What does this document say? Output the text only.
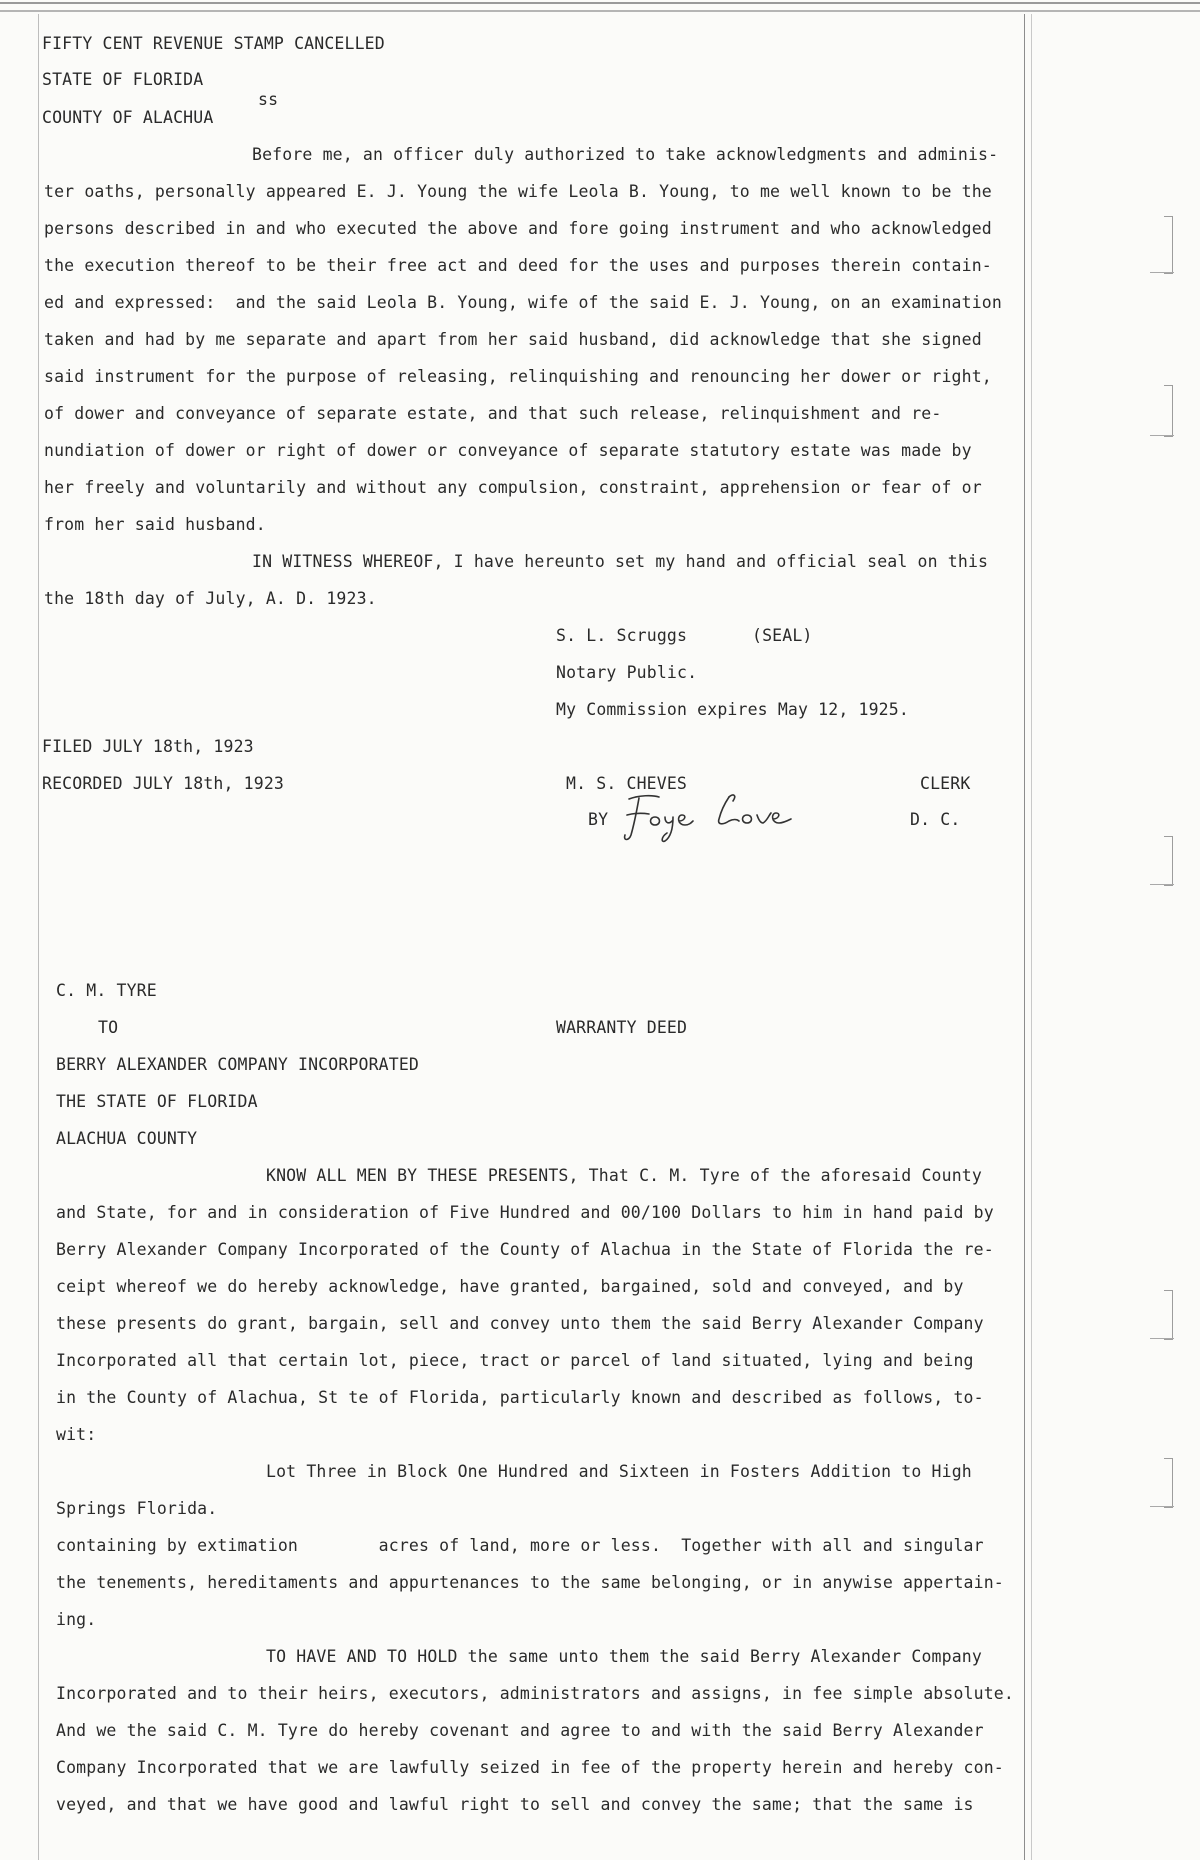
FIFTY CENT REVENUE STAMP CANCELLED
STATE OF FLORIDA
ss
COUNTY OF ALACHUA
Before me, an officer duly authorized to take acknowledgments and adminis-
ter oaths, personally appeared E. J. Young the wife Leola B. Young, to me well known to be the
persons described in and who executed the above and fore going instrument and who acknowledged
the execution thereof to be their free act and deed for the uses and purposes therein contain-
ed and expressed:  and the said Leola B. Young, wife of the said E. J. Young, on an examination
taken and had by me separate and apart from her said husband, did acknowledge that she signed
said instrument for the purpose of releasing, relinquishing and renouncing her dower or right,
of dower and conveyance of separate estate, and that such release, relinquishment and re-
nundiation of dower or right of dower or conveyance of separate statutory estate was made by
her freely and voluntarily and without any compulsion, constraint, apprehension or fear of or
from her said husband.
IN WITNESS WHEREOF, I have hereunto set my hand and official seal on this
the 18th day of July, A. D. 1923.
S. L. Scruggs	(SEAL)
Notary Public.
My Commission expires May 12, 1925.
FILED JULY 18th, 1923
RECORDED JULY 18th, 1923	M. S. CHEVES	CLERK
BY	D. C.
C. M. TYRE
TO	WARRANTY DEED
BERRY ALEXANDER COMPANY INCORPORATED
THE STATE OF FLORIDA
ALACHUA COUNTY
KNOW ALL MEN BY THESE PRESENTS, That C. M. Tyre of the aforesaid County
and State, for and in consideration of Five Hundred and 00/100 Dollars to him in hand paid by
Berry Alexander Company Incorporated of the County of Alachua in the State of Florida the re-
ceipt whereof we do hereby acknowledge, have granted, bargained, sold and conveyed, and by
these presents do grant, bargain, sell and convey unto them the said Berry Alexander Company
Incorporated all that certain lot, piece, tract or parcel of land situated, lying and being
in the County of Alachua, St te of Florida, particularly known and described as follows, to-
wit:
Lot Three in Block One Hundred and Sixteen in Fosters Addition to High
Springs Florida.
containing by extimation        acres of land, more or less.  Together with all and singular
the tenements, hereditaments and appurtenances to the same belonging, or in anywise appertain-
ing.
TO HAVE AND TO HOLD the same unto them the said Berry Alexander Company
Incorporated and to their heirs, executors, administrators and assigns, in fee simple absolute.
And we the said C. M. Tyre do hereby covenant and agree to and with the said Berry Alexander
Company Incorporated that we are lawfully seized in fee of the property herein and hereby con-
veyed, and that we have good and lawful right to sell and convey the same; that the same is
